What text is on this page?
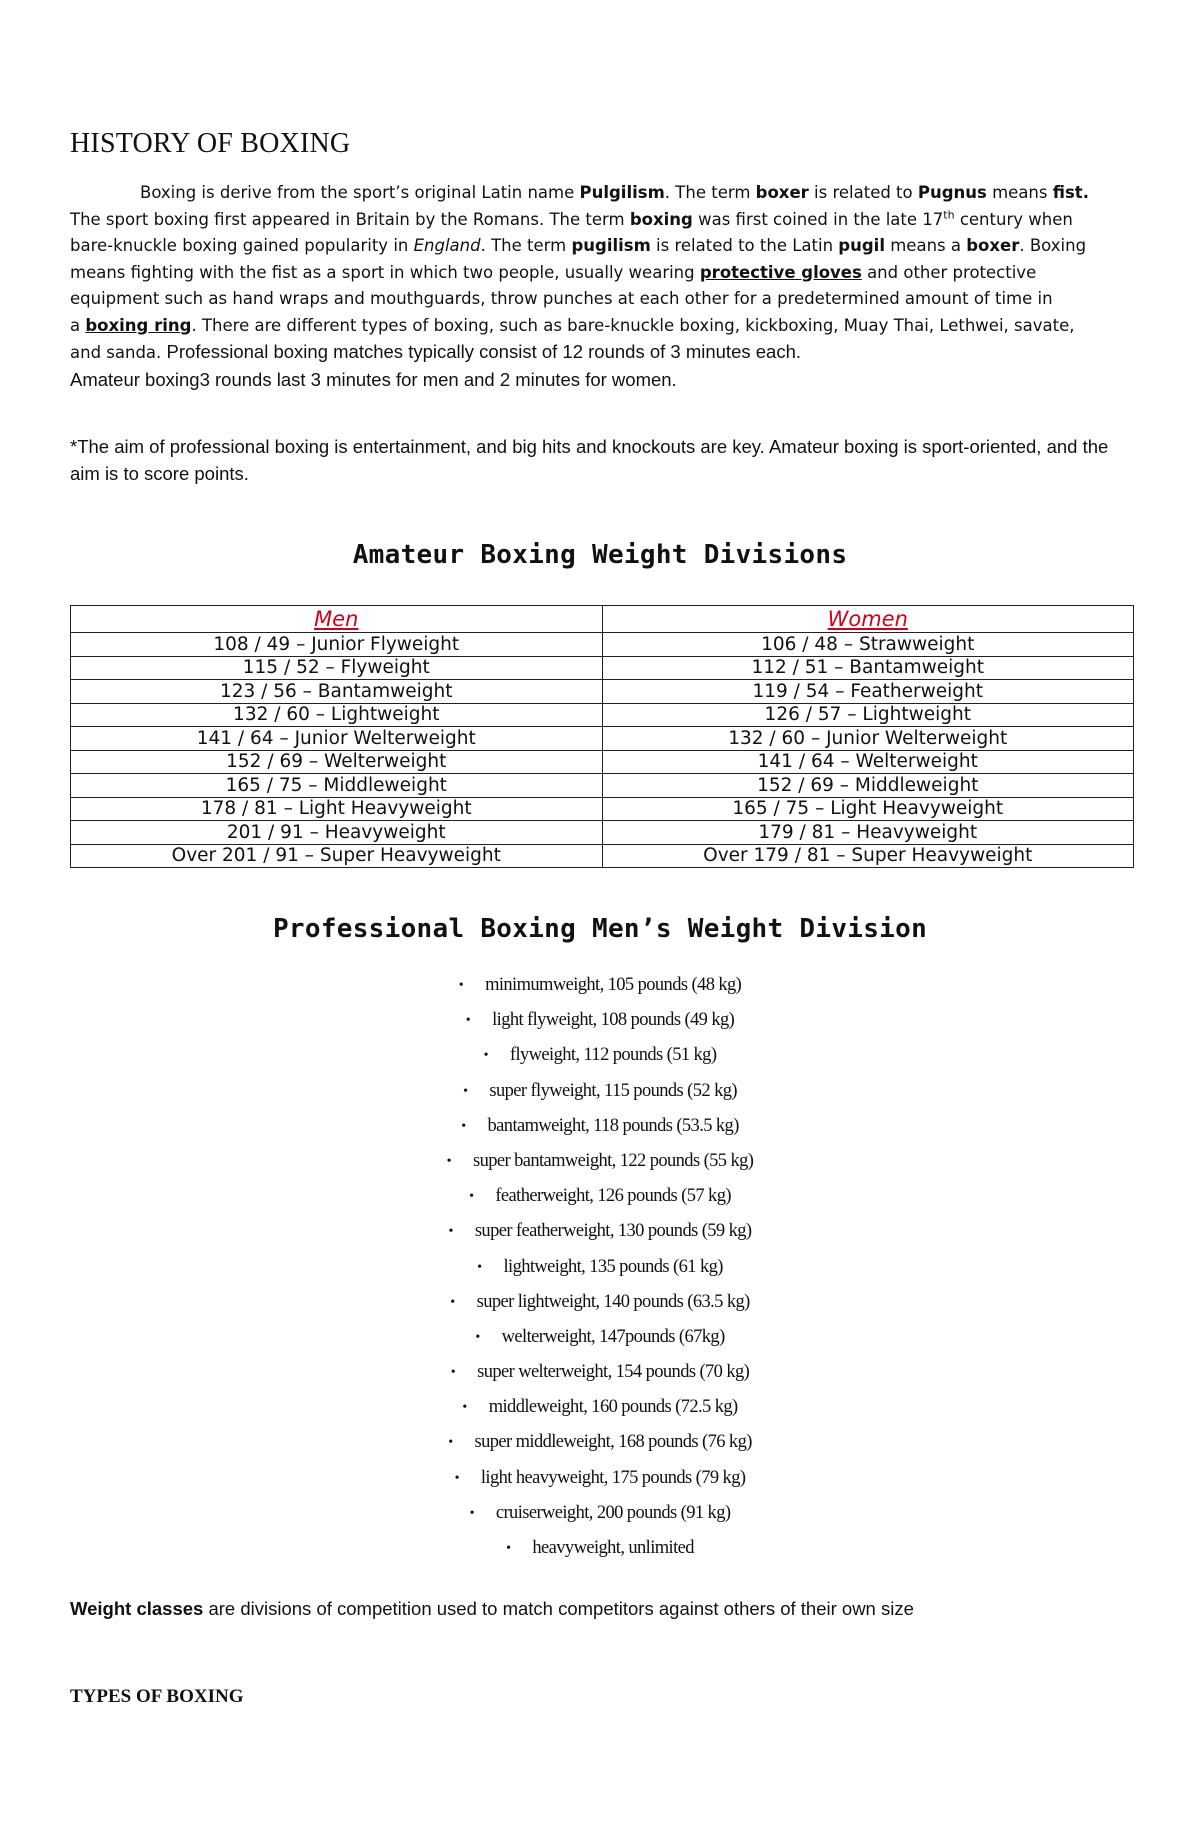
HISTORY OF BOXING

Boxing is derive from the sport’s original Latin name Pulgilism. The term boxer is related to Pugnus means fist.
The sport boxing first appeared in Britain by the Romans. The term boxing was first coined in the late 17th century when
bare-knuckle boxing gained popularity in England. The term pugilism is related to the Latin pugil means a boxer. Boxing
means fighting with the fist as a sport in which two people, usually wearing protective gloves and other protective
equipment such as hand wraps and mouthguards, throw punches at each other for a predetermined amount of time in
a boxing ring. There are different types of boxing, such as bare-knuckle boxing, kickboxing, Muay Thai, Lethwei, savate,
and sanda. Professional boxing matches typically consist of 12 rounds of 3 minutes each.
Amateur boxing3 rounds last 3 minutes for men and 2 minutes for women.

*The aim of professional boxing is entertainment, and big hits and knockouts are key. Amateur boxing is sport-oriented, and the aim is to score points.

Amateur Boxing Weight Divisions
Men	Women
108 / 49 – Junior Flyweight	106 / 48 – Strawweight
115 / 52 – Flyweight	112 / 51 – Bantamweight
123 / 56 – Bantamweight	119 / 54 – Featherweight
132 / 60 – Lightweight	126 / 57 – Lightweight
141 / 64 – Junior Welterweight	132 / 60 – Junior Welterweight
152 / 69 – Welterweight	141 / 64 – Welterweight
165 / 75 – Middleweight	152 / 69 – Middleweight
178 / 81 – Light Heavyweight	165 / 75 – Light Heavyweight
201 / 91 – Heavyweight	179 / 81 – Heavyweight
Over 201 / 91 – Super Heavyweight	Over 179 / 81 – Super Heavyweight
Professional Boxing Men’s Weight Division
• minimumweight, 105 pounds (48 kg)
• light flyweight, 108 pounds (49 kg)
• flyweight, 112 pounds (51 kg)
• super flyweight, 115 pounds (52 kg)
• bantamweight, 118 pounds (53.5 kg)
• super bantamweight, 122 pounds (55 kg)
• featherweight, 126 pounds (57 kg)
• super featherweight, 130 pounds (59 kg)
• lightweight, 135 pounds (61 kg)
• super lightweight, 140 pounds (63.5 kg)
• welterweight, 147pounds (67kg)
• super welterweight, 154 pounds (70 kg)
• middleweight, 160 pounds (72.5 kg)
• super middleweight, 168 pounds (76 kg)
• light heavyweight, 175 pounds (79 kg)
• cruiserweight, 200 pounds (91 kg)
• heavyweight, unlimited

Weight classes are divisions of competition used to match competitors against others of their own size

TYPES OF BOXING
